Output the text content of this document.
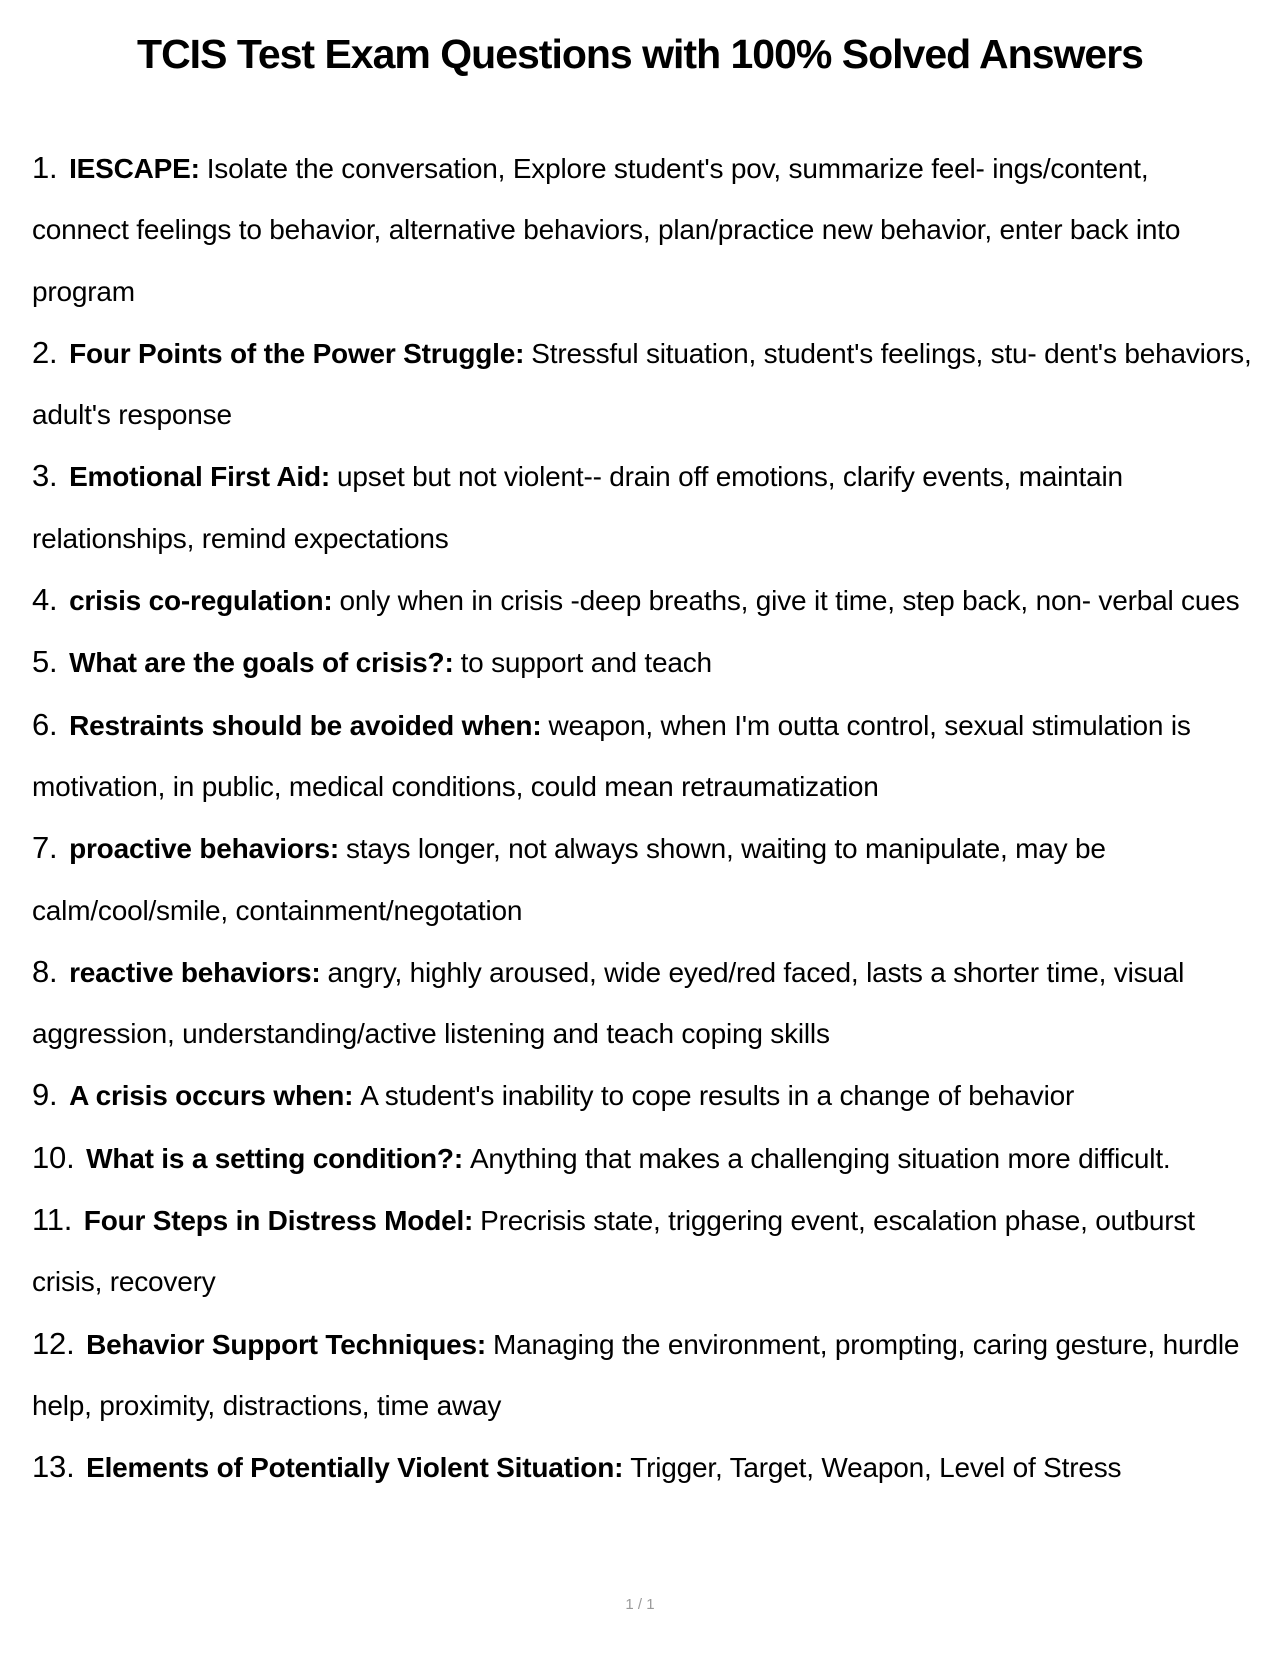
TCIS Test Exam Questions with 100% Solved Answers
1. IESCAPE: Isolate the conversation, Explore student's pov, summarize feel- ings/content, connect feelings to behavior, alternative behaviors, plan/practice new behavior, enter back into program
2. Four Points of the Power Struggle: Stressful situation, student's feelings, stu- dent's behaviors, adult's response
3. Emotional First Aid: upset but not violent-- drain off emotions, clarify events, maintain relationships, remind expectations
4. crisis co-regulation: only when in crisis -deep breaths, give it time, step back, non- verbal cues
5. What are the goals of crisis?: to support and teach
6. Restraints should be avoided when: weapon, when I'm outta control, sexual stimulation is motivation, in public, medical conditions, could mean retraumatization
7. proactive behaviors: stays longer, not always shown, waiting to manipulate, may be calm/cool/smile, containment/negotation
8. reactive behaviors: angry, highly aroused, wide eyed/red faced, lasts a shorter time, visual aggression, understanding/active listening and teach coping skills
9. A crisis occurs when: A student's inability to cope results in a change of behavior
10. What is a setting condition?: Anything that makes a challenging situation more difficult.
11. Four Steps in Distress Model: Precrisis state, triggering event, escalation phase, outburst crisis, recovery
12. Behavior Support Techniques: Managing the environment, prompting, caring gesture, hurdle help, proximity, distractions, time away
13. Elements of Potentially Violent Situation: Trigger, Target, Weapon, Level of Stress
1 / 1
